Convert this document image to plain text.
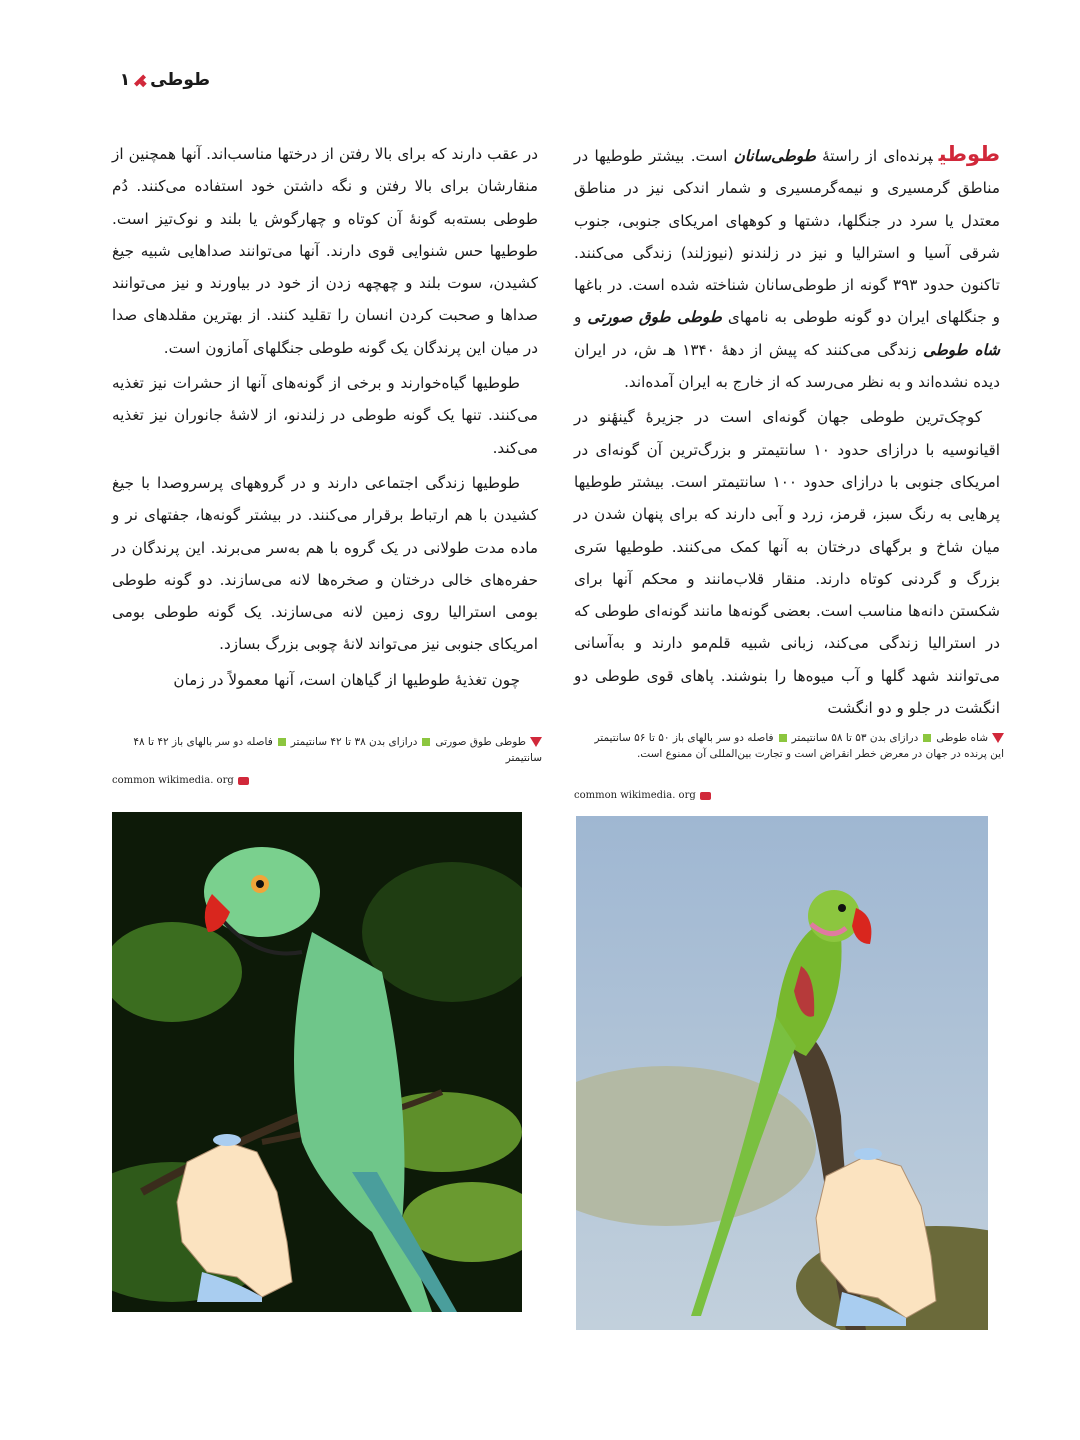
طوطی
۱

طوطیپرنده‌ای از راستهٔ طوطی‌سانان است. بیشتر طوطیها در مناطق گرمسیری و نیمه‌گرمسیری و شمار اندکی نیز در مناطق معتدل یا سرد در جنگلها، دشتها و کوههای امریکای جنوبی، جنوب شرقی آسیا و استرالیا و نیز در زلندنو (نیوزلند) زندگی می‌کنند. تاکنون حدود ۳۹۳ گونه از طوطی‌سانان شناخته شده است. در باغها و جنگلهای ایران دو گونه طوطی به نامهای طوطی طوق صورتی و شاه طوطی زندگی می‌کنند که پیش از دههٔ ۱۳۴۰ هـ ش، در ایران دیده نشده‌اند و به نظر می‌رسد که از خارج به ایران آمده‌اند.

کوچک‌ترین طوطی جهان گونه‌ای است در جزیرهٔ گینهٔنو در اقیانوسیه با درازای حدود ۱۰ سانتیمتر و بزرگ‌ترین آن گونه‌ای در امریکای جنوبی با درازای حدود ۱۰۰ سانتیمتر است. بیشتر طوطیها پرهایی به رنگ سبز، قرمز، زرد و آبی دارند که برای پنهان شدن در میان شاخ و برگهای درختان به آنها کمک می‌کنند. طوطیها سَری بزرگ و گردنی کوتاه دارند. منقار قلاب‌مانند و محکم آنها برای شکستن دانه‌ها مناسب است. بعضی گونه‌ها مانند گونه‌ای طوطی که در استرالیا زندگی می‌کند، زبانی شبیه قلم‌مو دارند و به‌آسانی می‌توانند شهد گلها و آب میوه‌ها را بنوشند. پاهای قوی طوطی دو انگشت در جلو و دو انگشت

در عقب دارند که برای بالا رفتن از درختها مناسب‌اند. آنها همچنین از منقارشان برای بالا رفتن و نگه داشتن خود استفاده می‌کنند. دُم طوطی بسته‌به گونهٔ آن کوتاه و چهارگوش یا بلند و نوک‌تیز است. طوطیها حس شنوایی قوی دارند. آنها می‌توانند صداهایی شبیه جیغ کشیدن، سوت بلند و چهچهه زدن از خود در بیاورند و نیز می‌توانند صداها و صحبت کردن انسان را تقلید کنند. از بهترین مقلدهای صدا در میان این پرندگان یک گونه طوطی جنگلهای آمازون است.

طوطیها گیاه‌خوارند و برخی از گونه‌های آنها از حشرات نیز تغذیه می‌کنند. تنها یک گونه طوطی در زلندنو، از لاشهٔ جانوران نیز تغذیه می‌کند.

طوطیها زندگی اجتماعی دارند و در گروههای پرسروصدا با جیغ کشیدن با هم ارتباط برقرار می‌کنند. در بیشتر گونه‌ها، جفتهای نر و ماده مدت طولانی در یک گروه با هم به‌سر می‌برند. این پرندگان در حفره‌های خالی درختان و صخره‌ها لانه می‌سازند. دو گونه طوطی بومی استرالیا روی زمین لانه می‌سازند. یک گونه طوطی بومی امریکای جنوبی نیز می‌تواند لانهٔ چوبی بزرگ بسازد.

چون تغذیهٔ طوطیها از گیاهان است، آنها معمولاً در زمان

شاه طوطیدرازای بدن ۵۳ تا ۵۸ سانتیمترفاصله دو سر بالهای باز ۵۰ تا ۵۶ سانتیمتر
این پرنده در جهان در معرض خطر انقراض است و تجارت بین‌المللی آن ممنوع است.
طوطی طوق صورتیدرازای بدن ۳۸ تا ۴۲ سانتیمترفاصله دو سر بالهای باز ۴۲ تا ۴۸ سانتیمتر
common wikimedia. org
common wikimedia. org
